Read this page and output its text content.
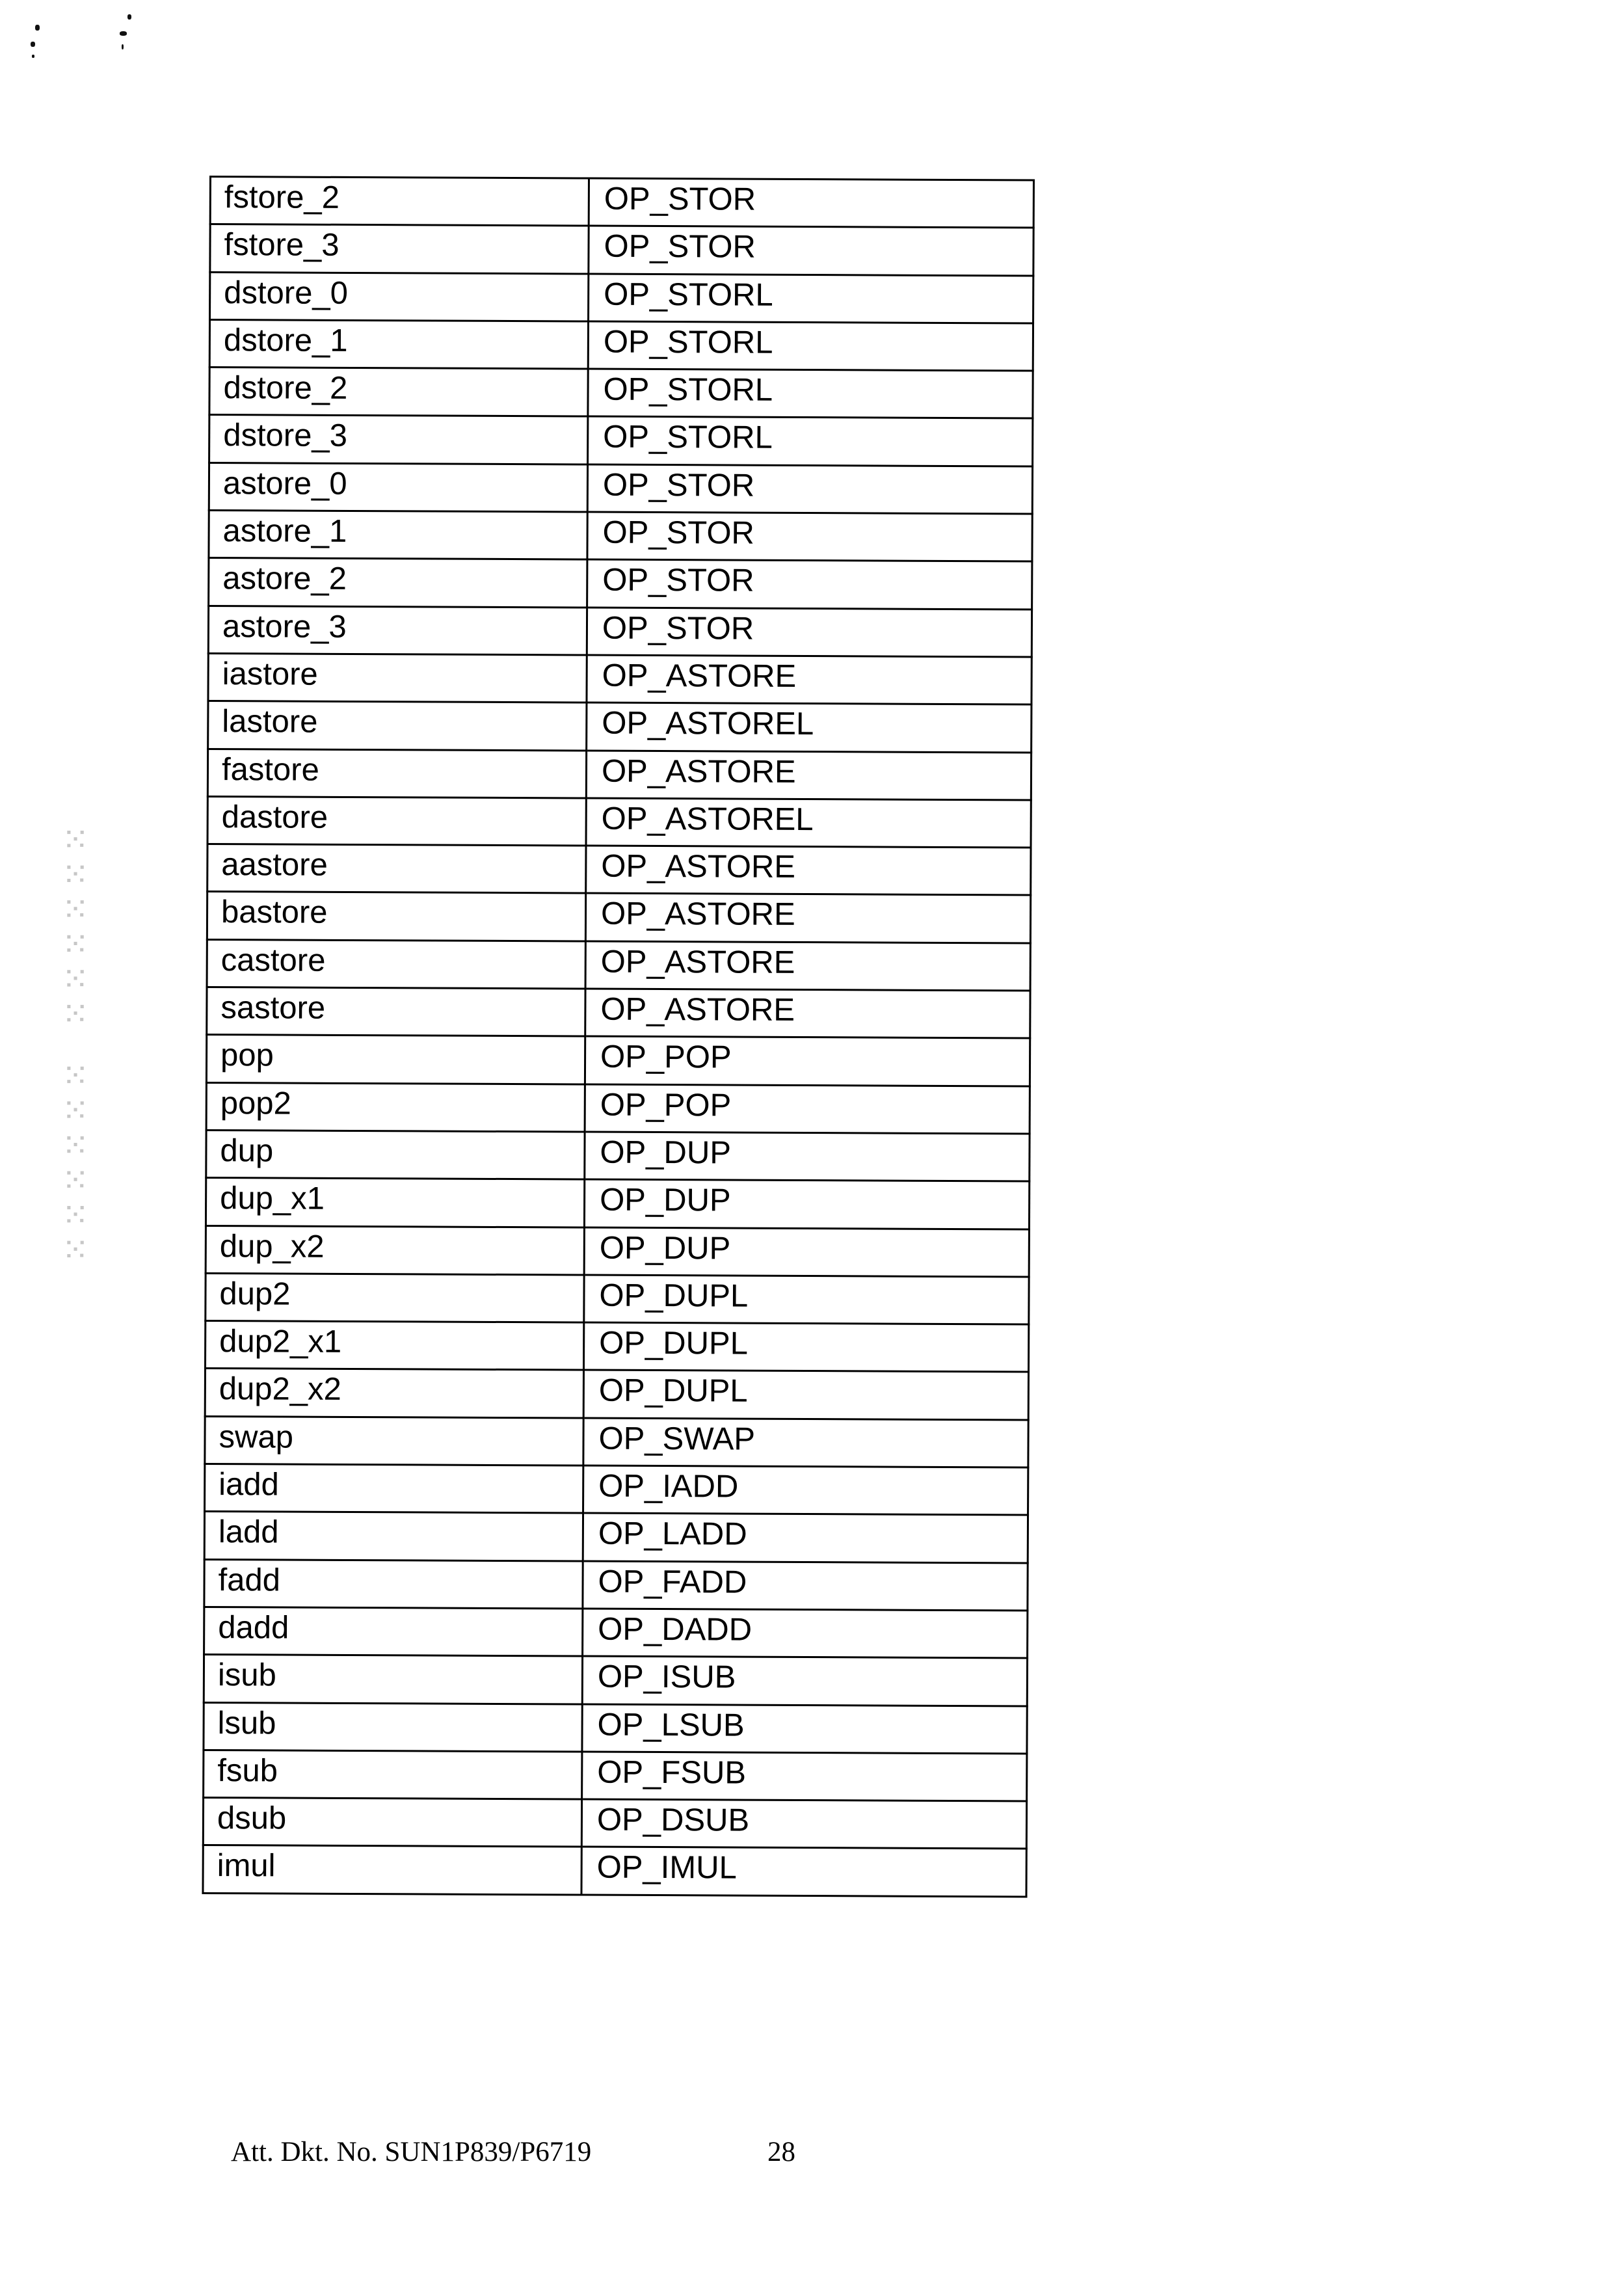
⁙⁙⁙⁙⁙⁙ ⁙⁙⁙⁙⁙⁙
fstore_2	OP_STOR
fstore_3	OP_STOR
dstore_0	OP_STORL
dstore_1	OP_STORL
dstore_2	OP_STORL
dstore_3	OP_STORL
astore_0	OP_STOR
astore_1	OP_STOR
astore_2	OP_STOR
astore_3	OP_STOR
iastore	OP_ASTORE
lastore	OP_ASTOREL
fastore	OP_ASTORE
dastore	OP_ASTOREL
aastore	OP_ASTORE
bastore	OP_ASTORE
castore	OP_ASTORE
sastore	OP_ASTORE
pop	OP_POP
pop2	OP_POP
dup	OP_DUP
dup_x1	OP_DUP
dup_x2	OP_DUP
dup2	OP_DUPL
dup2_x1	OP_DUPL
dup2_x2	OP_DUPL
swap	OP_SWAP
iadd	OP_IADD
ladd	OP_LADD
fadd	OP_FADD
dadd	OP_DADD
isub	OP_ISUB
lsub	OP_LSUB
fsub	OP_FSUB
dsub	OP_DSUB
imul	OP_IMUL
Att. Dkt. No. SUN1P839/P6719	28
